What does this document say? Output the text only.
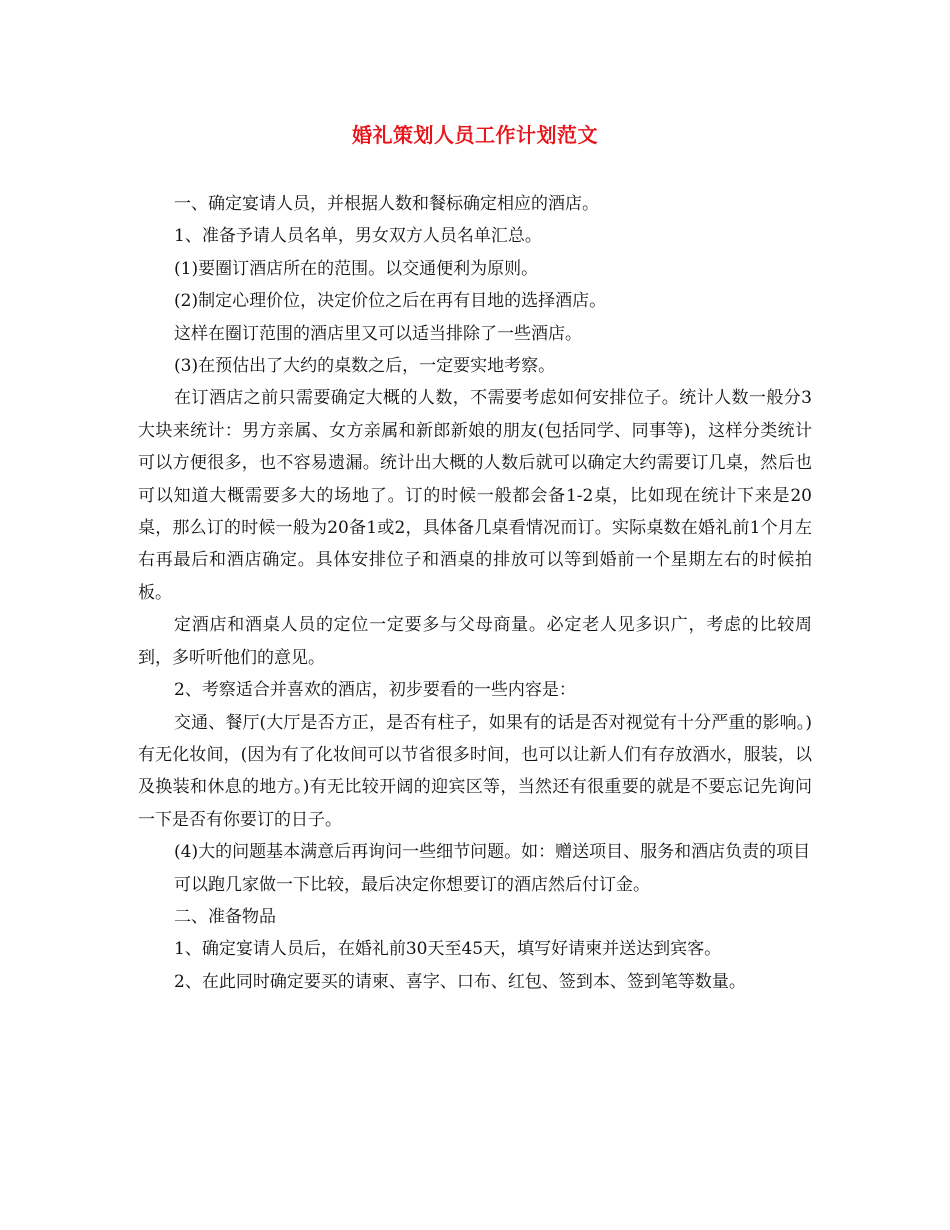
婚礼策划人员工作计划范文

一、确定宴请人员，并根据人数和餐标确定相应的酒店。

1、准备予请人员名单，男女双方人员名单汇总。

(1)要圈订酒店所在的范围。以交通便利为原则。

(2)制定心理价位，决定价位之后在再有目地的选择酒店。

这样在圈订范围的酒店里又可以适当排除了一些酒店。

(3)在预估出了大约的桌数之后，一定要实地考察。

在订酒店之前只需要确定大概的人数，不需要考虑如何安排位子。统计人数一般分3大块来统计：男方亲属、女方亲属和新郎新娘的朋友(包括同学、同事等)，这样分类统计可以方便很多，也不容易遗漏。统计出大概的人数后就可以确定大约需要订几桌，然后也可以知道大概需要多大的场地了。订的时候一般都会备1-2桌，比如现在统计下来是20桌，那么订的时候一般为20备1或2，具体备几桌看情况而订。实际桌数在婚礼前1个月左右再最后和酒店确定。具体安排位子和酒桌的排放可以等到婚前一个星期左右的时候拍板。

定酒店和酒桌人员的定位一定要多与父母商量。必定老人见多识广，考虑的比较周到，多听听他们的意见。

2、考察适合并喜欢的酒店，初步要看的一些内容是：

交通、餐厅(大厅是否方正，是否有柱子，如果有的话是否对视觉有十分严重的影响。)有无化妆间，(因为有了化妆间可以节省很多时间，也可以让新人们有存放酒水，服装，以及换装和休息的地方。)有无比较开阔的迎宾区等，当然还有很重要的就是不要忘记先询问一下是否有你要订的日子。

(4)大的问题基本满意后再询问一些细节问题。如：赠送项目、服务和酒店负责的项目

可以跑几家做一下比较，最后决定你想要订的酒店然后付订金。

二、准备物品

1、确定宴请人员后，在婚礼前30天至45天，填写好请柬并送达到宾客。

2、在此同时确定要买的请柬、喜字、口布、红包、签到本、签到笔等数量。
